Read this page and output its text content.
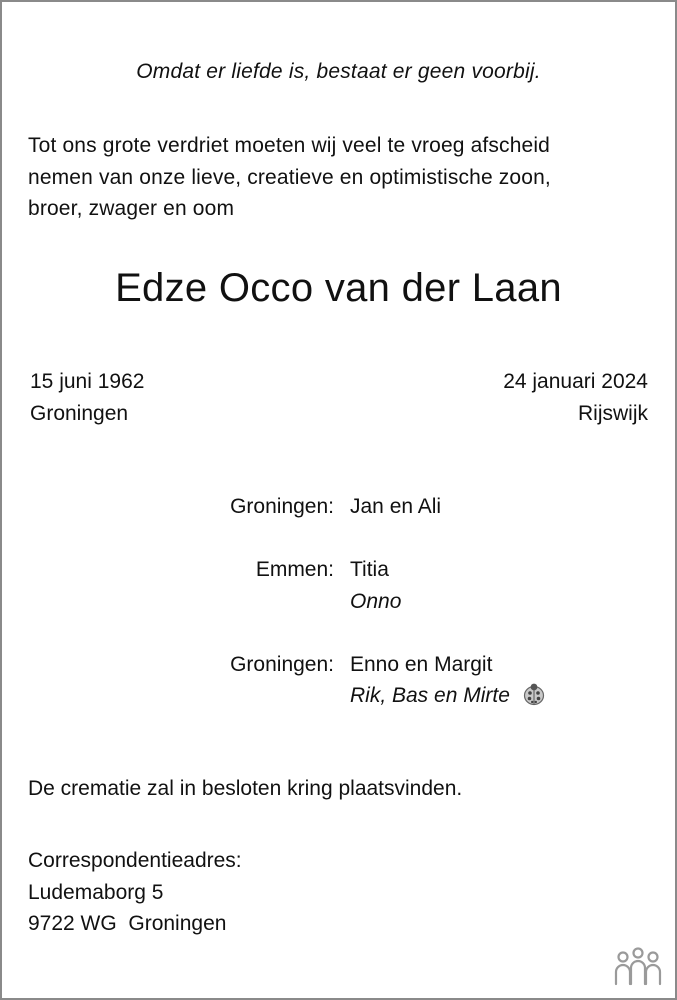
Omdat er liefde is, bestaat er geen voorbij.
Tot ons grote verdriet moeten wij veel te vroeg afscheid
nemen van onze lieve, creatieve en optimistische zoon,
broer, zwager en oom
Edze Occo van der Laan
15 juni 1962
Groningen
24 januari 2024
Rijswijk
Groningen: Jan en Ali
Emmen: Titia
Onno
Groningen: Enno en Margit
Rik, Bas en Mirte
De crematie zal in besloten kring plaatsvinden.
Correspondentieadres:
Ludemaborg 5
9722 WG  Groningen
